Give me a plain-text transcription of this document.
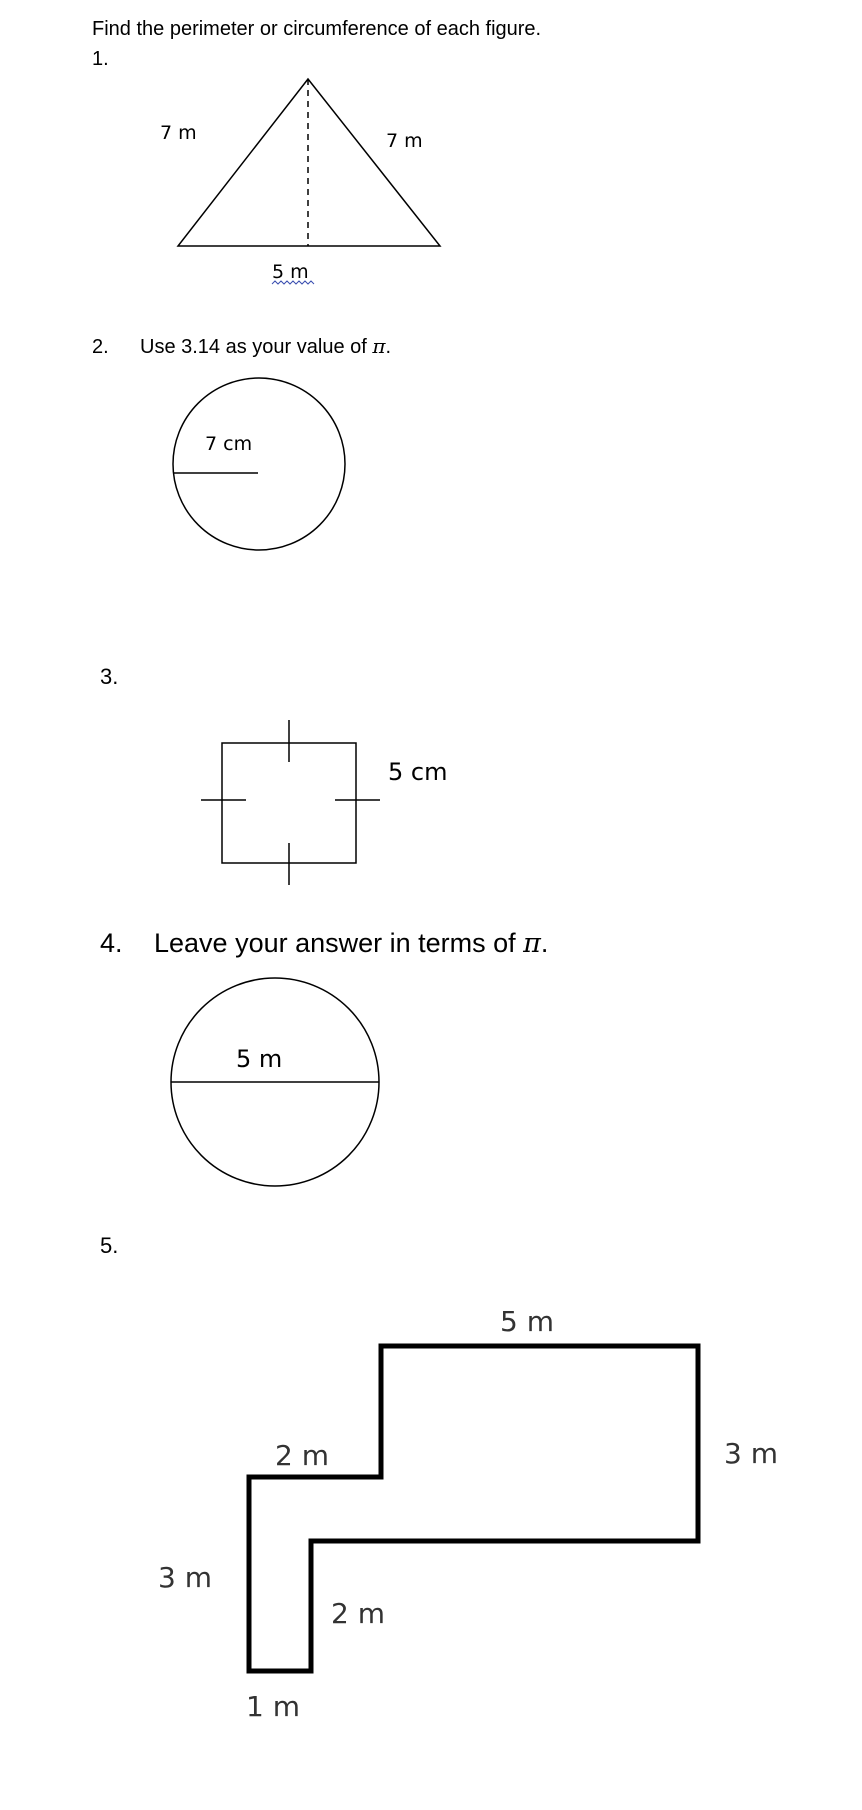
Find the perimeter or circumference of each figure.
1.
2. Use 3.14 as your value of π.
3.
4. Leave your answer in terms of π.
5.
7 m	7 m
5 m
7 cm
5 cm
5 m
5 m
3 m
2 m
3 m
2 m
1 m
